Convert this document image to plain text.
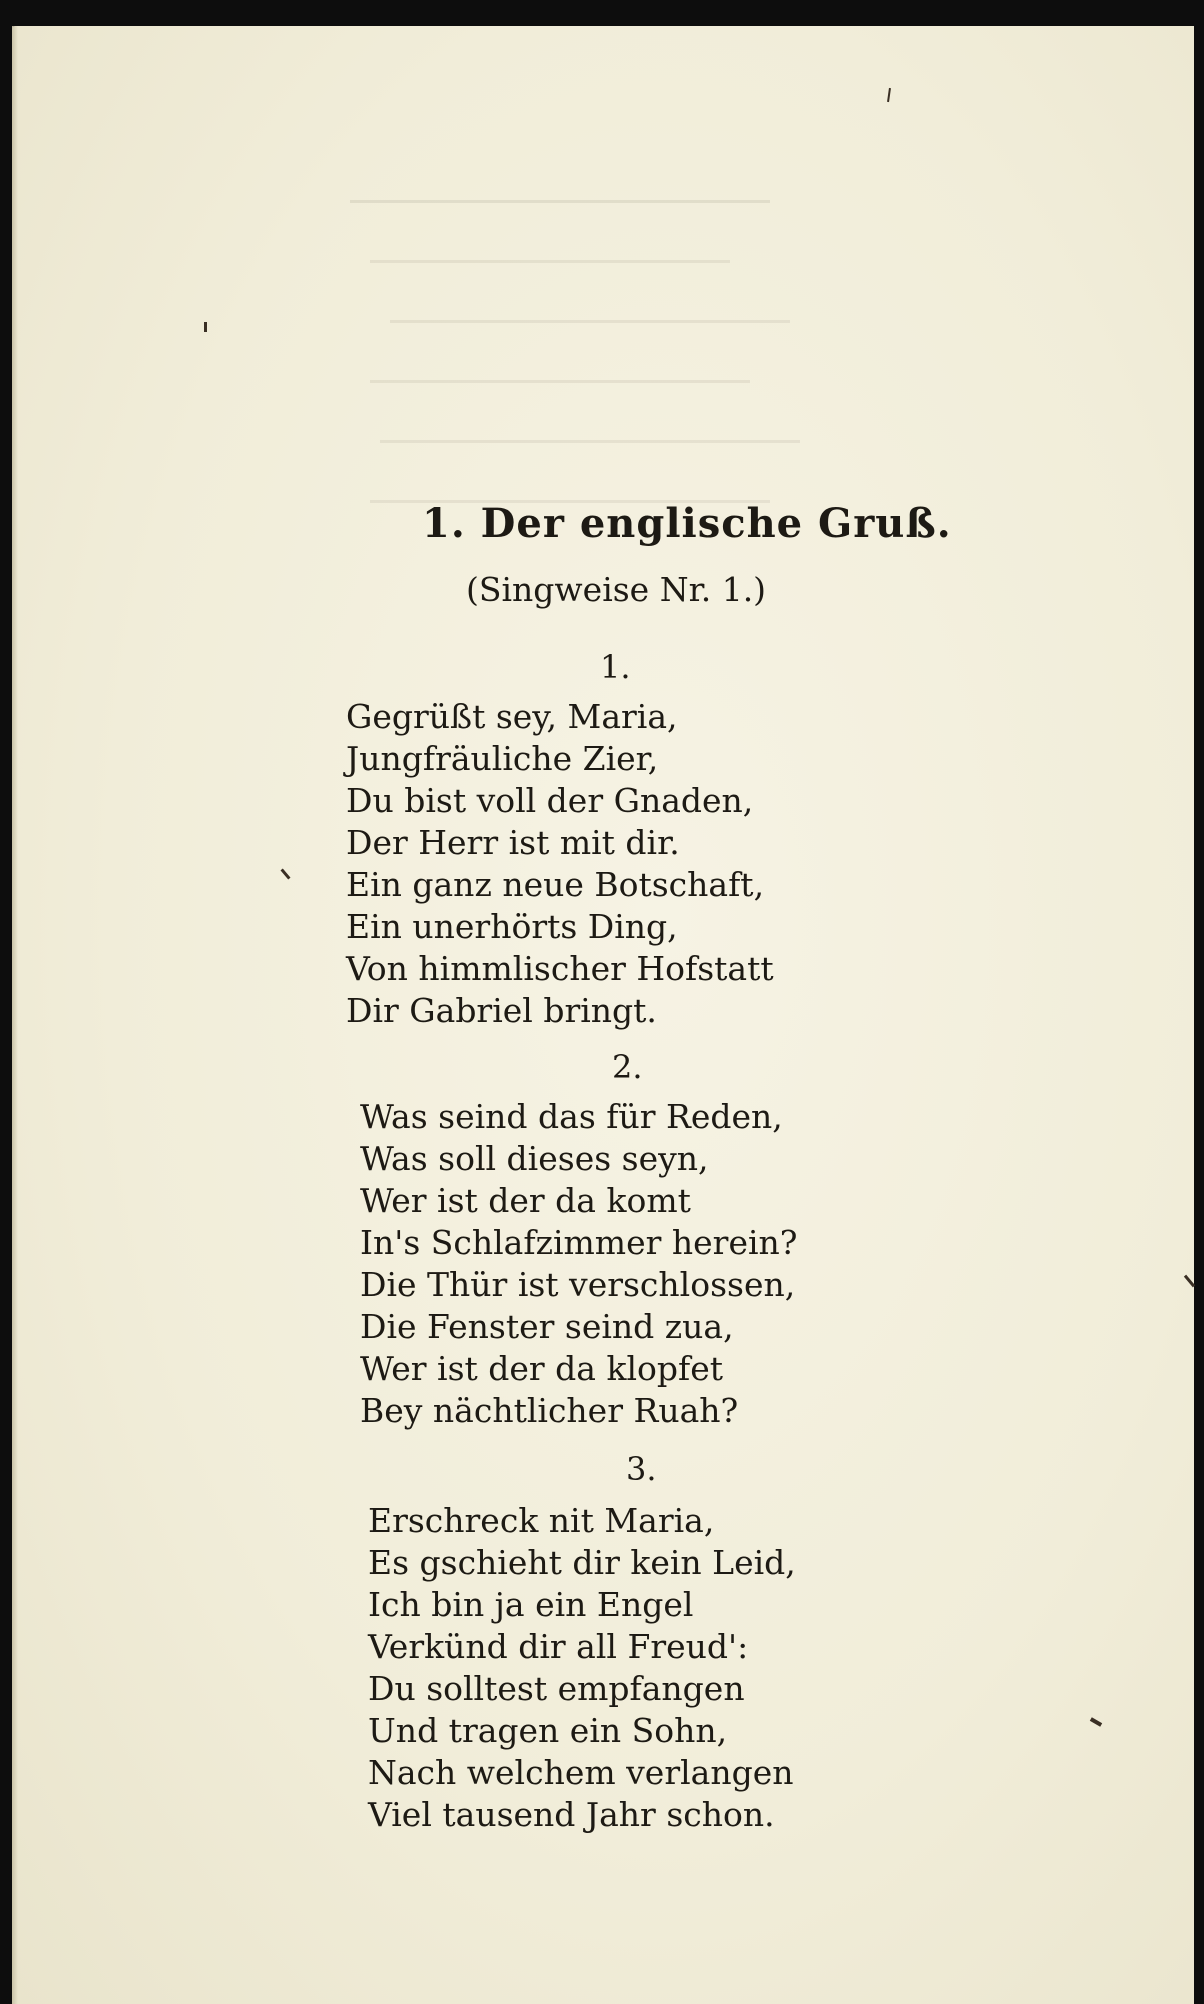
1. Der englische Gruß.
(Singweise Nr. 1.)
1.
Gegrüßt sey, Maria,
Jungfräuliche Zier,
Du bist voll der Gnaden,
Der Herr ist mit dir.
Ein ganz neue Botschaft,
Ein unerhörts Ding,
Von himmlischer Hofstatt
Dir Gabriel bringt.
2.
Was seind das für Reden,
Was soll dieses seyn,
Wer ist der da komt
In's Schlafzimmer herein?
Die Thür ist verschlossen,
Die Fenster seind zua,
Wer ist der da klopfet
Bey nächtlicher Ruah?
3.
Erschreck nit Maria,
Es gschieht dir kein Leid,
Ich bin ja ein Engel
Verkünd dir all Freud':
Du solltest empfangen
Und tragen ein Sohn,
Nach welchem verlangen
Viel tausend Jahr schon.
